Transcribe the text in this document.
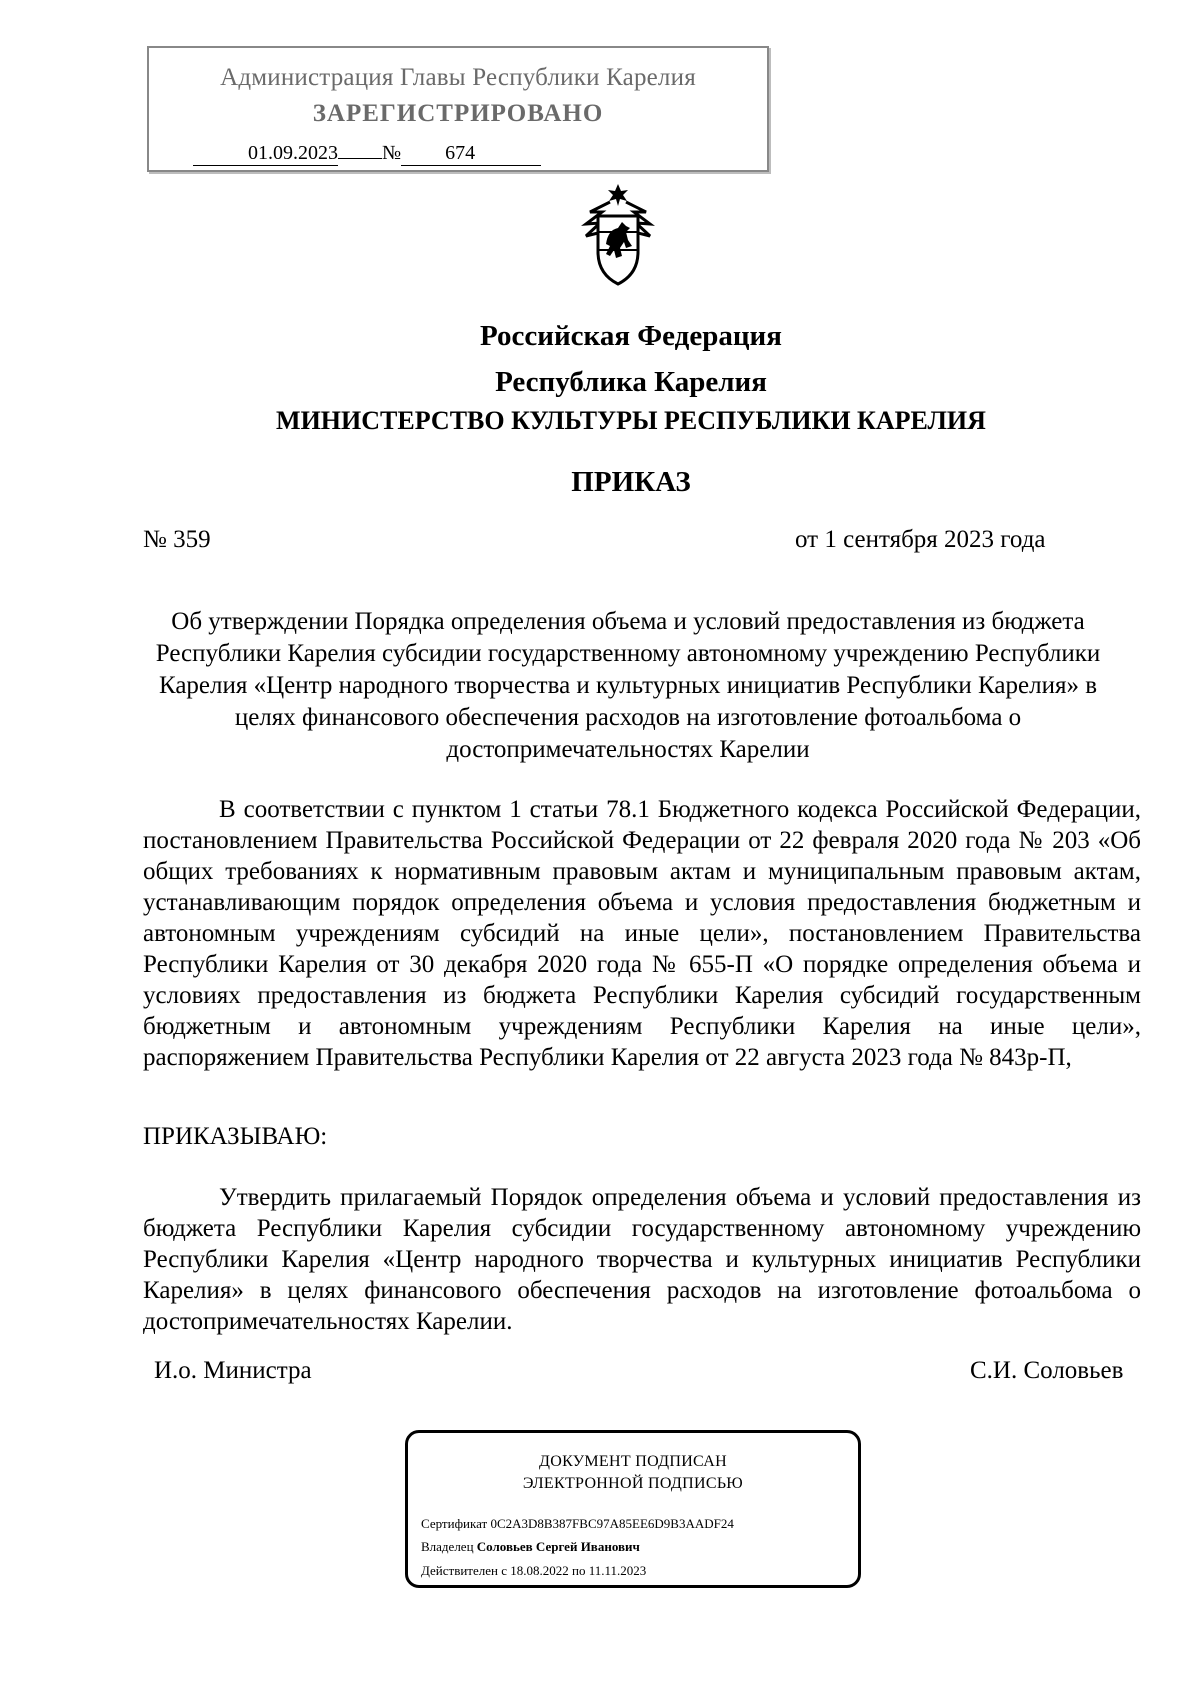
Администрация Главы Республики Карелия
ЗАРЕГИСТРИРОВАНО
01.09.2023 № 674
Российская Федерация
Республика Карелия
МИНИСТЕРСТВО КУЛЬТУРЫ РЕСПУБЛИКИ КАРЕЛИЯ
ПРИКАЗ
№ 359	от 1 сентября 2023 года
Об утверждении Порядка определения объема и условий предоставления из бюджета Республики Карелия субсидии государственному автономному учреждению Республики Карелия «Центр народного творчества и культурных инициатив Республики Карелия» в целях финансового обеспечения расходов на изготовление фотоальбома о достопримечательностях Карелии
В соответствии с пунктом 1 статьи 78.1 Бюджетного кодекса Российской Федерации, постановлением Правительства Российской Федерации от 22 февраля 2020 года № 203 «Об общих требованиях к нормативным правовым актам и муниципальным правовым актам, устанавливающим порядок определения объема и условия предоставления бюджетным и автономным учреждениям субсидий на иные цели», постановлением Правительства Республики Карелия от 30 декабря 2020 года № 655-П «О порядке определения объема и условиях предоставления из бюджета Республики Карелия субсидий государственным бюджетным и автономным учреждениям Республики Карелия на иные цели», распоряжением Правительства Республики Карелия от 22 августа 2023 года № 843р-П,
ПРИКАЗЫВАЮ:
Утвердить прилагаемый Порядок определения объема и условий предоставления из бюджета Республики Карелия субсидии государственному автономному учреждению Республики Карелия «Центр народного творчества и культурных инициатив Республики Карелия» в целях финансового обеспечения расходов на изготовление фотоальбома о достопримечательностях Карелии.
И.о. Министра	С.И. Соловьев
ДОКУМЕНТ ПОДПИСАН
ЭЛЕКТРОННОЙ ПОДПИСЬЮ
Сертификат 0C2A3D8B387FBC97A85EE6D9B3AADF24
Владелец Соловьев Сергей Иванович
Действителен с 18.08.2022 по 11.11.2023
